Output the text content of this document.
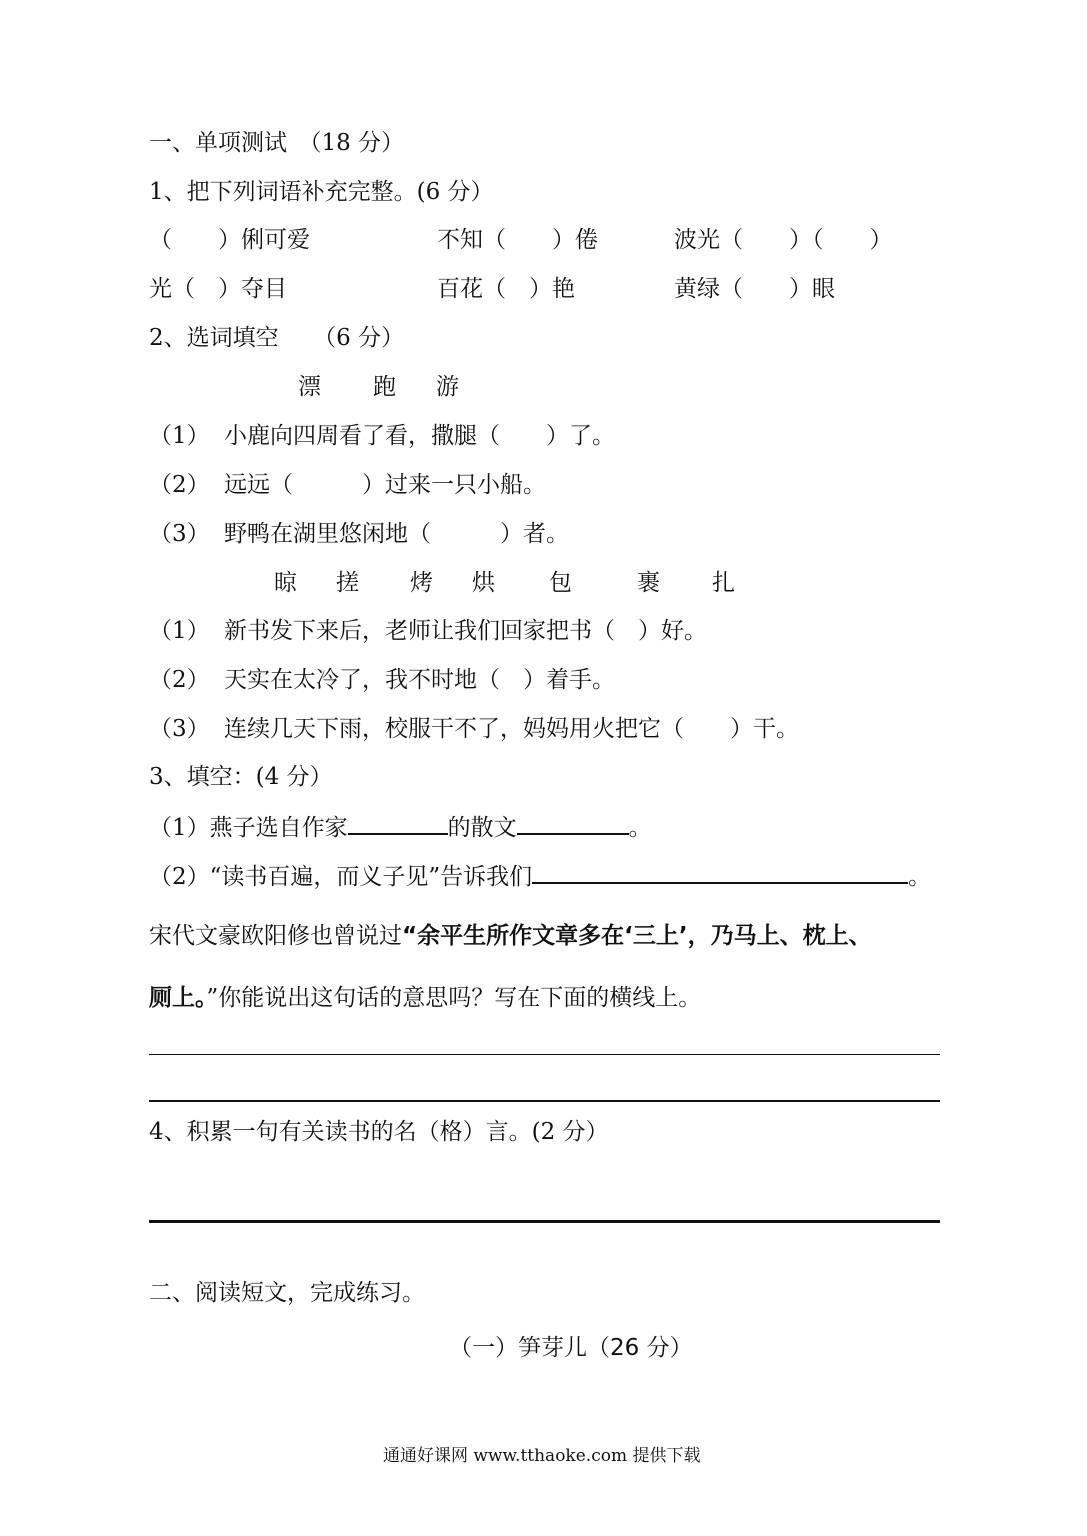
一、单项测试　（18 分）
1、把下列词语补充完整。(6 分）
（　　）俐可爱	不知（　　）倦	波光（　　）（　　）
光（　）夺目	百花（　）艳	黄绿（　　）眼
2、选词填空　　（6 分）
漂 跑 游
（1） 小鹿向四周看了看，撒腿（　　）了。
（2） 远远（　　　）过来一只小船。
（3） 野鸭在湖里悠闲地（　　　）者。
晾 搓 烤 烘 包	裹 扎
（1） 新书发下来后，老师让我们回家把书（　）好。
（2） 天实在太冷了，我不时地（　）着手。
（3） 连续几天下雨，校服干不了，妈妈用火把它（　　）干。
3、填空：(4 分）
（1）燕子选自作家	的散文	。
（2）“读书百遍，而义子见”告诉我们	。
宋代文豪欧阳修也曾说过“余平生所作文章多在‘三上’，乃马上、枕上、
厕上。”你能说出这句话的意思吗？写在下面的横线上。
4、积累一句有关读书的名（格）言。(2 分）
二、阅读短文，完成练习。
（一）笋芽儿（26 分）
通通好课网 www.tthaoke.com 提供下载
